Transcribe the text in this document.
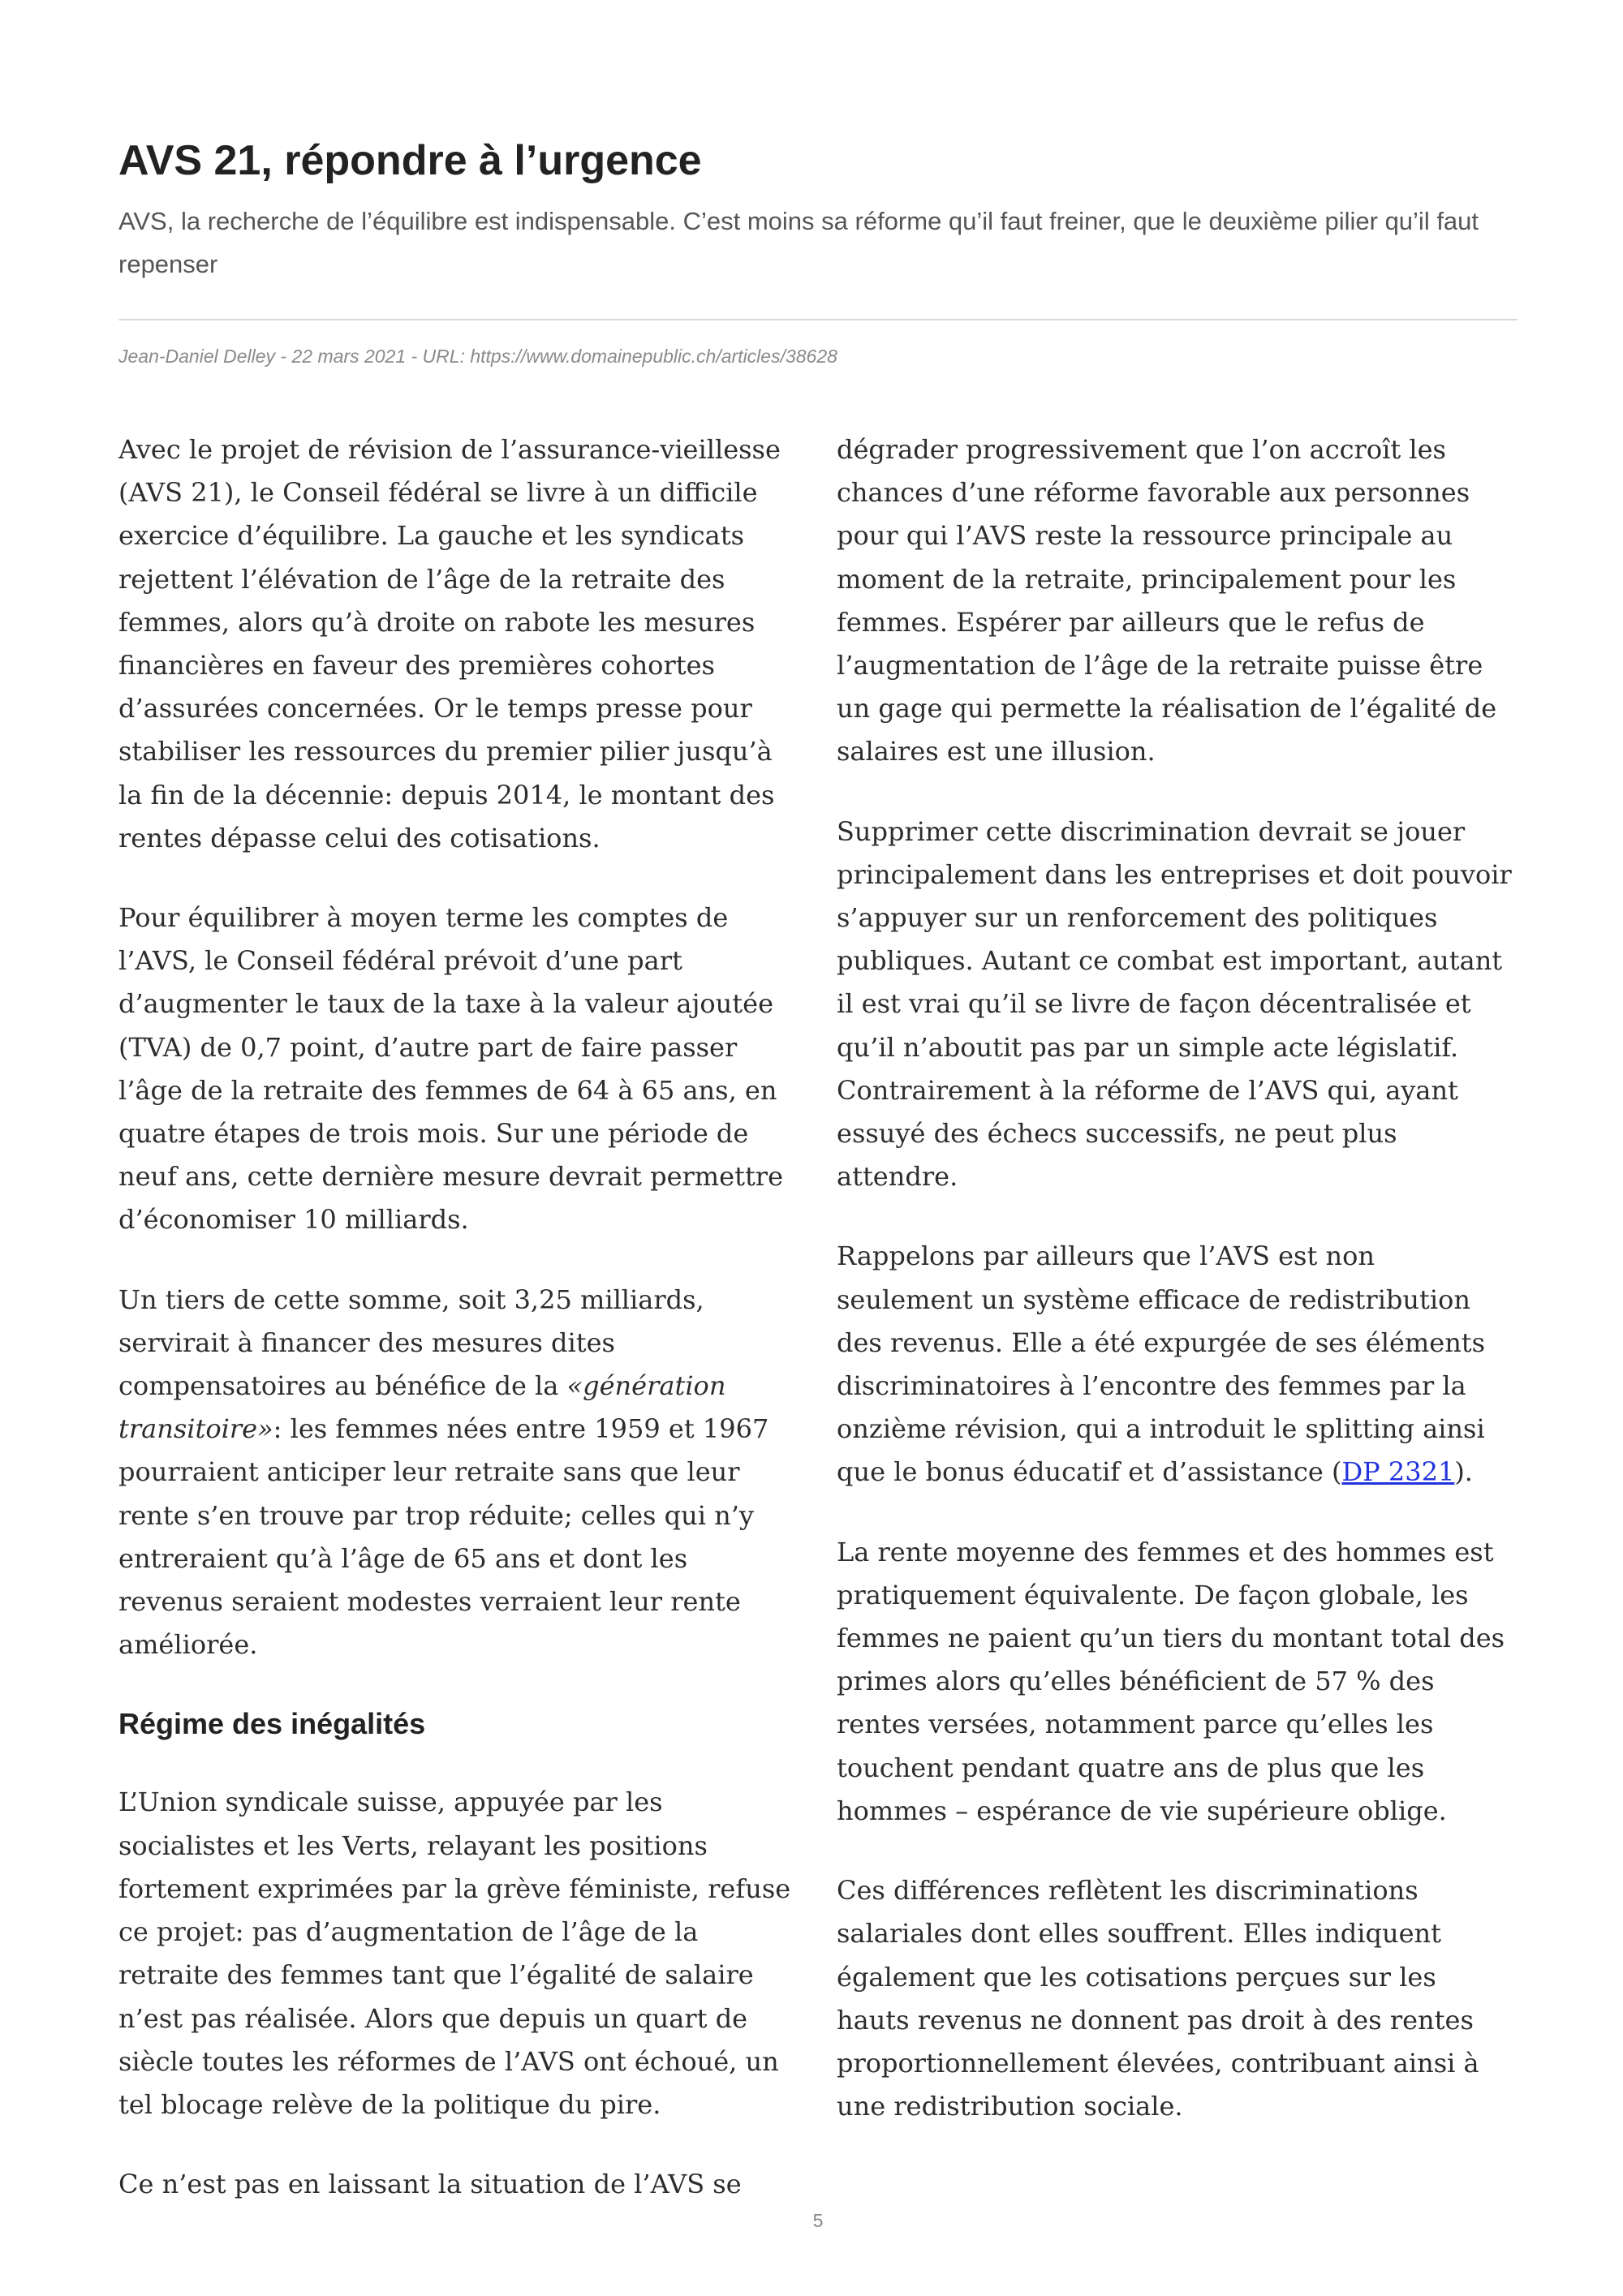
AVS 21, répondre à l’urgence

AVS, la recherche de l’équilibre est indispensable. C’est moins sa réforme qu’il faut freiner, que le deuxième pilier qu’il faut repenser

Jean-Daniel Delley - 22 mars 2021 - URL: https://www.domainepublic.ch/articles/38628

Avec le projet de révision de l’assurance-vieillesse (AVS 21), le Conseil fédéral se livre à un difficile exercice d’équilibre. La gauche et les syndicats rejettent l’élévation de l’âge de la retraite des femmes, alors qu’à droite on rabote les mesures financières en faveur des premières cohortes d’assurées concernées. Or le temps presse pour stabiliser les ressources du premier pilier jusqu’à la fin de la décennie: depuis 2014, le montant des rentes dépasse celui des cotisations.

Pour équilibrer à moyen terme les comptes de l’AVS, le Conseil fédéral prévoit d’une part d’augmenter le taux de la taxe à la valeur ajoutée (TVA) de 0,7 point, d’autre part de faire passer l’âge de la retraite des femmes de 64 à 65 ans, en quatre étapes de trois mois. Sur une période de neuf ans, cette dernière mesure devrait permettre d’économiser 10 milliards.

Un tiers de cette somme, soit 3,25 milliards, servirait à financer des mesures dites compensatoires au bénéfice de la «génération transitoire»: les femmes nées entre 1959 et 1967 pourraient anticiper leur retraite sans que leur rente s’en trouve par trop réduite; celles qui n’y entreraient qu’à l’âge de 65 ans et dont les revenus seraient modestes verraient leur rente améliorée.

Régime des inégalités

L’Union syndicale suisse, appuyée par les socialistes et les Verts, relayant les positions fortement exprimées par la grève féministe, refuse ce projet: pas d’augmentation de l’âge de la retraite des femmes tant que l’égalité de salaire n’est pas réalisée. Alors que depuis un quart de siècle toutes les réformes de l’AVS ont échoué, un tel blocage relève de la politique du pire.

Ce n’est pas en laissant la situation de l’AVS se

dégrader progressivement que l’on accroît les chances d’une réforme favorable aux personnes pour qui l’AVS reste la ressource principale au moment de la retraite, principalement pour les femmes. Espérer par ailleurs que le refus de l’augmentation de l’âge de la retraite puisse être un gage qui permette la réalisation de l’égalité de salaires est une illusion.

Supprimer cette discrimination devrait se jouer principalement dans les entreprises et doit pouvoir s’appuyer sur un renforcement des politiques publiques. Autant ce combat est important, autant il est vrai qu’il se livre de façon décentralisée et qu’il n’aboutit pas par un simple acte législatif. Contrairement à la réforme de l’AVS qui, ayant essuyé des échecs successifs, ne peut plus attendre.

Rappelons par ailleurs que l’AVS est non seulement un système efficace de redistribution des revenus. Elle a été expurgée de ses éléments discriminatoires à l’encontre des femmes par la onzième révision, qui a introduit le splitting ainsi que le bonus éducatif et d’assistance (DP 2321).

La rente moyenne des femmes et des hommes est pratiquement équivalente. De façon globale, les femmes ne paient qu’un tiers du montant total des primes alors qu’elles bénéficient de 57 % des rentes versées, notamment parce qu’elles les touchent pendant quatre ans de plus que les hommes – espérance de vie supérieure oblige.

Ces différences reflètent les discriminations salariales dont elles souffrent. Elles indiquent également que les cotisations perçues sur les hauts revenus ne donnent pas droit à des rentes proportionnellement élevées, contribuant ainsi à une redistribution sociale.

5
